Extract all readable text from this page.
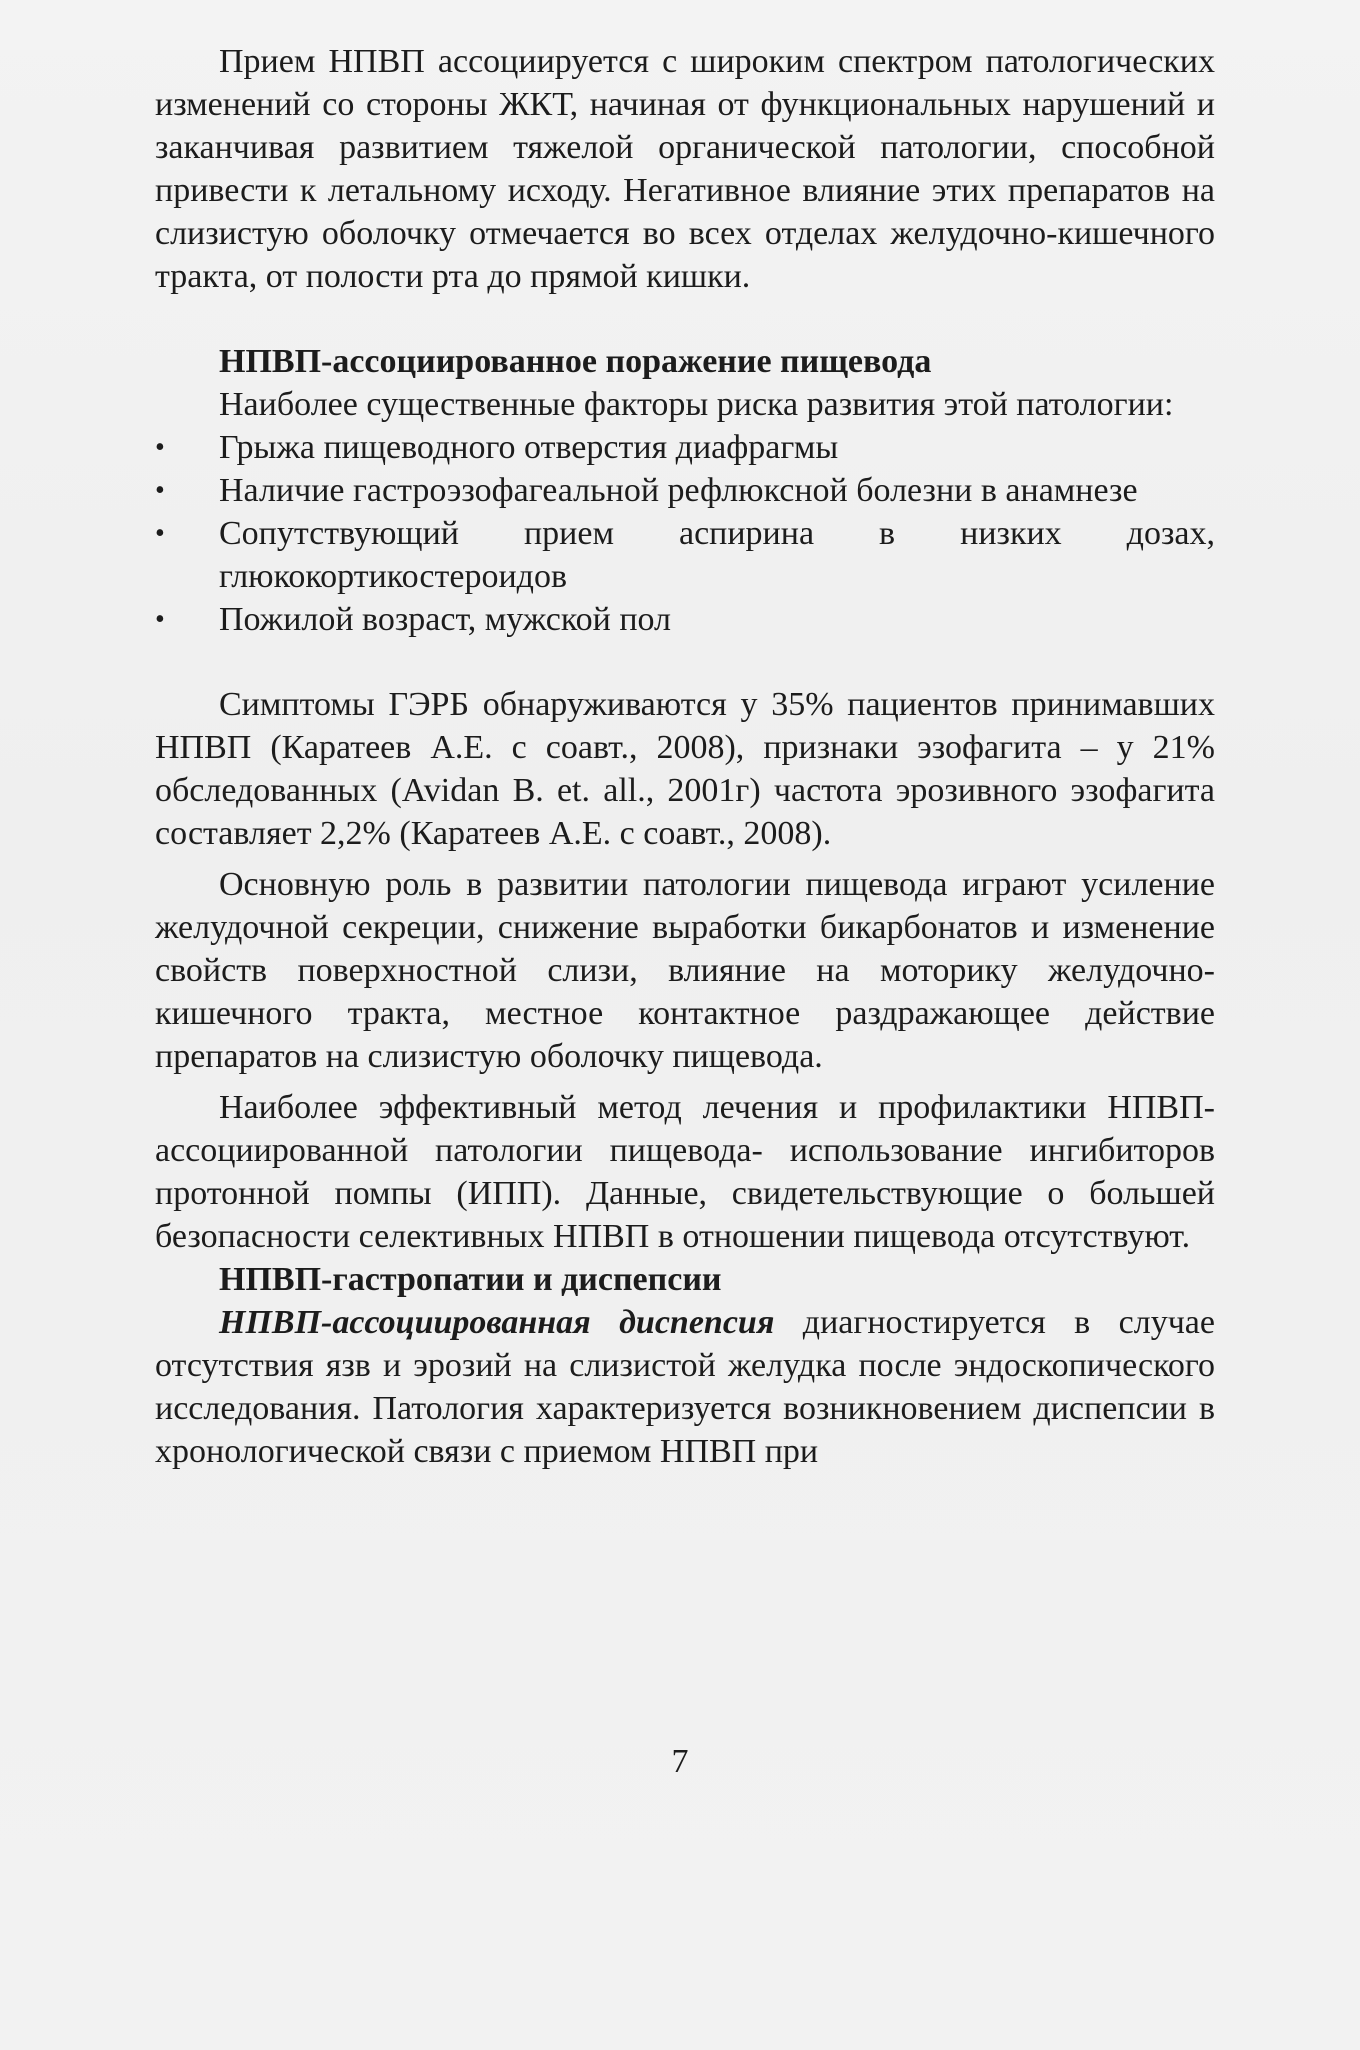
Прием НПВП ассоциируется с широким спектром патологических изменений со стороны ЖКТ, начиная от функциональных нарушений и заканчивая развитием тяжелой органической патологии, способной привести к летальному исходу. Негативное влияние этих препаратов на слизистую оболочку отмечается во всех отделах желудочно-кишечного тракта, от полости рта до прямой кишки.

НПВП-ассоциированное поражение пищевода

Наиболее существенные факторы риска развития этой патологии:

• Грыжа пищеводного отверстия диафрагмы
• Наличие гастроэзофагеальной рефлюксной болезни в анамнезе
• Сопутствующий прием аспирина в низких дозах, глюкокортикостероидов
• Пожилой возраст, мужской пол

Симптомы ГЭРБ обнаруживаются у 35% пациентов принимавших НПВП (Каратеев А.Е. с соавт., 2008), признаки эзофагита – у 21% обследованных (Avidan B. et. all., 2001г) частота эрозивного эзофагита составляет 2,2% (Каратеев А.Е. с соавт., 2008).

Основную роль в развитии патологии пищевода играют усиление желудочной секреции, снижение выработки бикарбонатов и изменение свойств поверхностной слизи, влияние на моторику желудочно-кишечного тракта, местное контактное раздражающее действие препаратов на слизистую оболочку пищевода.

Наиболее эффективный метод лечения и профилактики НПВП-ассоциированной патологии пищевода- использование ингибиторов протонной помпы (ИПП). Данные, свидетельствующие о большей безопасности селективных НПВП в отношении пищевода отсутствуют.

НПВП-гастропатии и диспепсии

НПВП-ассоциированная диспепсия диагностируется в случае отсутствия язв и эрозий на слизистой желудка после эндоскопического исследования. Патология характеризуется возникновением диспепсии в хронологической связи с приемом НПВП при

7
